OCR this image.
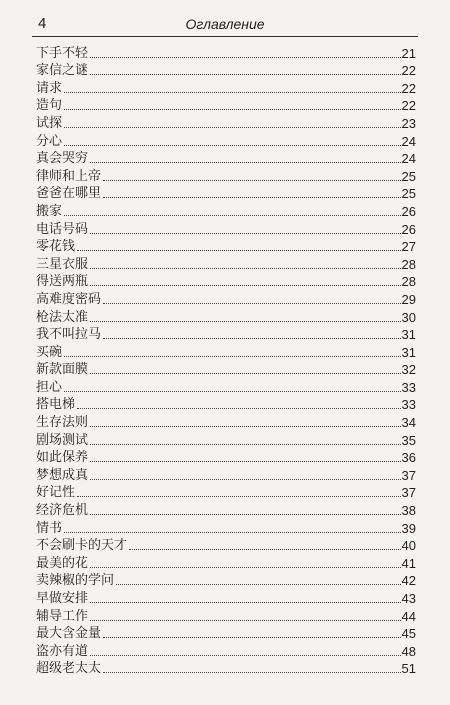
4	Оглавление
下手不轻	21
家信之谜	22
请求	22
造句	22
试探	23
分心	24
真会哭穷	24
律师和上帝	25
爸爸在哪里	25
搬家	26
电话号码	26
零花钱	27
三星衣服	28
得送两瓶	28
高难度密码	29
枪法太准	30
我不叫拉马	31
买碗	31
新款面膜	32
担心	33
搭电梯	33
生存法则	34
剧场测试	35
如此保养	36
梦想成真	37
好记性	37
经济危机	38
情书	39
不会刷卡的天才	40
最美的花	41
卖辣椒的学问	42
早做安排	43
辅导工作	44
最大含金量	45
盗亦有道	48
超级老太太	51
